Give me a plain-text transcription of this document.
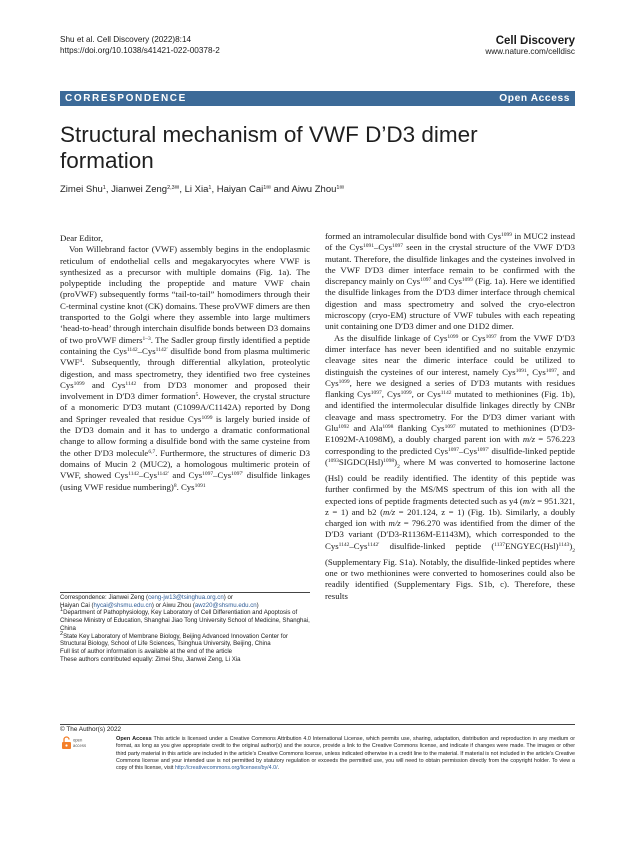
Shu et al. Cell Discovery (2022)8:14
https://doi.org/10.1038/s41421-022-00378-2
Cell Discovery
www.nature.com/celldisc
CORRESPONDENCE	Open Access
Structural mechanism of VWF D’D3 dimer formation
Zimei Shu$^1$, Jianwei Zeng$^{2,3✉}$, Li Xia$^1$, Haiyan Cai$^{1✉}$ and Aiwu Zhou$^{1✉}$

Dear Editor,

Von Willebrand factor (VWF) assembly begins in the endoplasmic reticulum of endothelial cells and megakaryocytes where VWF is synthesized as a precursor with multiple domains (Fig. 1a). The polypeptide including the propeptide and mature VWF chain (proVWF) subsequently forms “tail-to-tail” homodimers through their C-terminal cystine knot (CK) domains. These proVWF dimers are then transported to the Golgi where they assemble into large multimers ‘head-to-head’ through interchain disulfide bonds between D3 domains of two proVWF dimers$^{1-3}$. The Sadler group firstly identified a peptide containing the Cys$^{1142}$–Cys$^{1142'}$ disulfide bond from plasma multimeric VWF$^4$. Subsequently, through differential alkylation, proteolytic digestion, and mass spectrometry, they identified two free cysteines Cys$^{1099}$ and Cys$^{1142}$ from D′D3 monomer and proposed their involvement in D′D3 dimer formation$^5$. However, the crystal structure of a monomeric D′D3 mutant (C1099A/C1142A) reported by Dong and Springer revealed that residue Cys$^{1099}$ is largely buried inside of the D′D3 domain and it has to undergo a dramatic conformational change to allow forming a disulfide bond with the same cysteine from the other D′D3 molecule$^{6,7}$. Furthermore, the structures of dimeric D3 domains of Mucin 2 (MUC2), a homologous multimeric protein of VWF, showed Cys$^{1142}$–Cys$^{1142'}$ and Cys$^{1097}$–Cys$^{1097'}$ disulfide linkages (using VWF residue numbering)$^8$. Cys$^{1091}$

formed an intramolecular disulfide bond with Cys$^{1099}$ in MUC2 instead of the Cys$^{1091}$–Cys$^{1097}$ seen in the crystal structure of the VWF D′D3 mutant. Therefore, the disulfide linkages and the cysteines involved in the VWF D′D3 dimer interface remain to be confirmed with the discrepancy mainly on Cys$^{1097}$ and Cys$^{1099}$ (Fig. 1a). Here we identified the disulfide linkages from the D′D3 dimer interface through chemical digestion and mass spectrometry and solved the cryo-electron microscopy (cryo-EM) structure of VWF tubules with each repeating unit containing one D′D3 dimer and one D1D2 dimer.

As the disulfide linkage of Cys$^{1099}$ or Cys$^{1097}$ from the VWF D′D3 dimer interface has never been identified and no suitable enzymic cleavage sites near the dimeric interface could be utilized to distinguish the cysteines of our interest, namely Cys$^{1091}$, Cys$^{1097}$, and Cys$^{1099}$, here we designed a series of D′D3 mutants with residues flanking Cys$^{1097}$, Cys$^{1099}$, or Cys$^{1142}$ mutated to methionines (Fig. 1b), and identified the intermolecular disulfide linkages directly by CNBr cleavage and mass spectrometry. For the D′D3 dimer variant with Glu$^{1092}$ and Ala$^{1098}$ flanking Cys$^{1097}$ mutated to methionines (D′D3-E1092M-A1098M), a doubly charged parent ion with m/z = 576.223 corresponding to the predicted Cys$^{1097}$–Cys$^{1097'}$ disulfide-linked peptide $(^{1093}SIGDC(Hsl)^{1098})_2$ where M was converted to homoserine lactone (Hsl) could be readily identified. The identity of this peptide was further confirmed by the MS/MS spectrum of this ion with all the expected ions of peptide fragments detected such as y4 (m/z = 951.321, z = 1) and b2 (m/z = 201.124, z = 1) (Fig. 1b). Similarly, a doubly charged ion with m/z = 796.270 was identified from the dimer of the D′D3 variant (D′D3-R1136M-E1143M), which corresponded to the Cys$^{1142}$–Cys$^{1142'}$ disulfide-linked peptide $(^{1137}ENGYEC(Hsl)^{1143})_2$ (Supplementary Fig. S1a). Notably, the disulfide-linked peptides where one or two methionines were converted to homoserines could also be readily identified (Supplementary Figs. S1b, c). Therefore, these results

Correspondence: Jianwei Zeng (ceng-jw13@tsinghua.org.cn) or
Haiyan Cai (hycai@shsmu.edu.cn) or Aiwu Zhou (awz20@shsmu.edu.cn)
$^1$Department of Pathophysiology, Key Laboratory of Cell Differentiation and Apoptosis of Chinese Ministry of Education, Shanghai Jiao Tong University School of Medicine, Shanghai, China
$^2$State Key Laboratory of Membrane Biology, Beijing Advanced Innovation Center for Structural Biology, School of Life Sciences, Tsinghua University, Beijing, China
Full list of author information is available at the end of the article
These authors contributed equally: Zimei Shu, Jianwei Zeng, Li Xia
© The Author(s) 2022
open
access
Open Access This article is licensed under a Creative Commons Attribution 4.0 International License, which permits use, sharing, adaptation, distribution and reproduction in any medium or format, as long as you give appropriate credit to the original author(s) and the source, provide a link to the Creative Commons license, and indicate if changes were made. The images or other third party material in this article are included in the article’s Creative Commons license, unless indicated otherwise in a credit line to the material. If material is not included in the article’s Creative Commons license and your intended use is not permitted by statutory regulation or exceeds the permitted use, you will need to obtain permission directly from the copyright holder. To view a copy of this license, visit http://creativecommons.org/licenses/by/4.0/.
